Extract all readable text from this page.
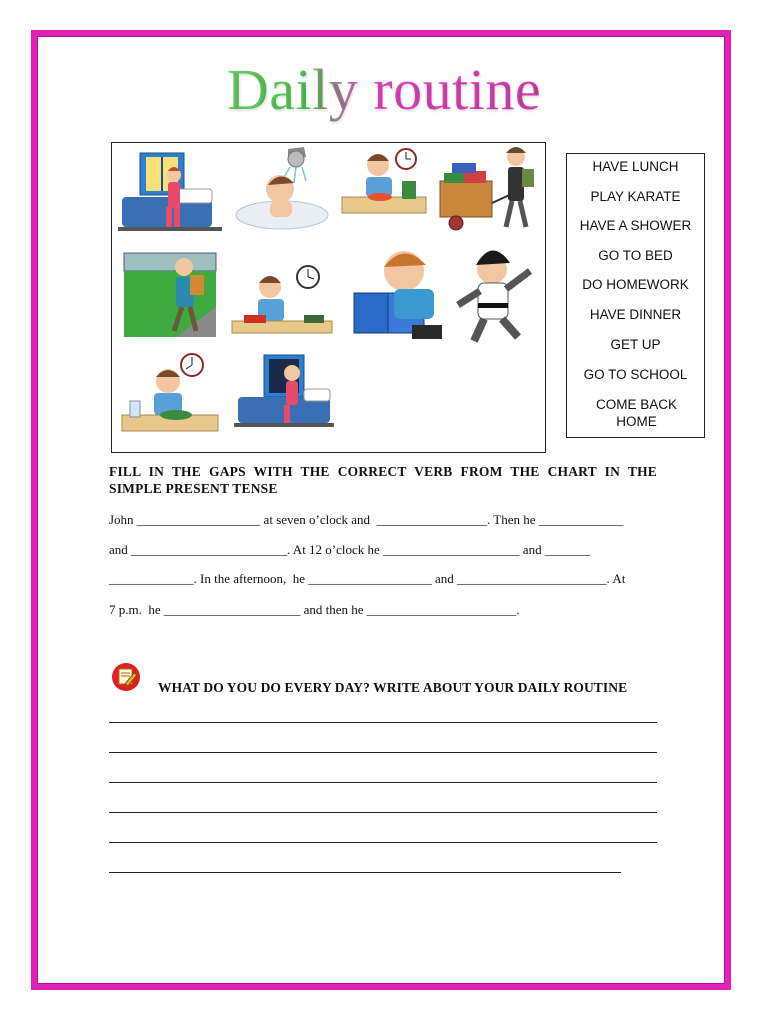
Daily routine
HAVE LUNCH
PLAY KARATE
HAVE A SHOWER
GO TO BED
DO HOMEWORK
HAVE DINNER
GET UP
GO TO SCHOOL
COME BACK HOME
FILL IN THE GAPS WITH THE CORRECT VERB FROM THE CHART IN THE SIMPLE PRESENT TENSE
John ___________________ at seven o’clock and  _________________. Then he _____________
and ________________________. At 12 o’clock he _____________________ and _______
_____________. In the afternoon,  he ___________________ and _______________________. At
7 p.m.  he _____________________ and then he _______________________.
WHAT DO YOU DO EVERY DAY? WRITE ABOUT YOUR DAILY ROUTINE
